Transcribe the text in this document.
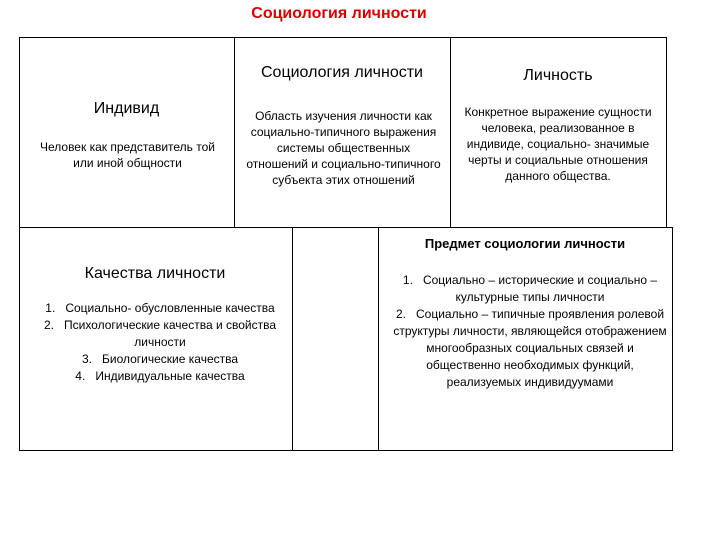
Социология личности
Индивид
Человек как представитель той или иной общности
Социология личности
Область изучения личности как социально-типичного выражения системы общественных отношений и социально-типичного субъекта этих отношений
Личность
Конкретное выражение сущности человека, реализованное в индивиде, социально- значимые черты и социальные отношения данного общества.
Качества личности
1. Социально- обусловленные качества
2. Психологические качества и свойства личности
3. Биологические качества
4. Индивидуальные качества
Предмет социологии личности
1. Социально – исторические и социально – культурные типы личности
2. Социально – типичные проявления ролевой структуры личности, являющейся отображением многообразных социальных связей и общественно необходимых функций, реализуемых индивидуумами
